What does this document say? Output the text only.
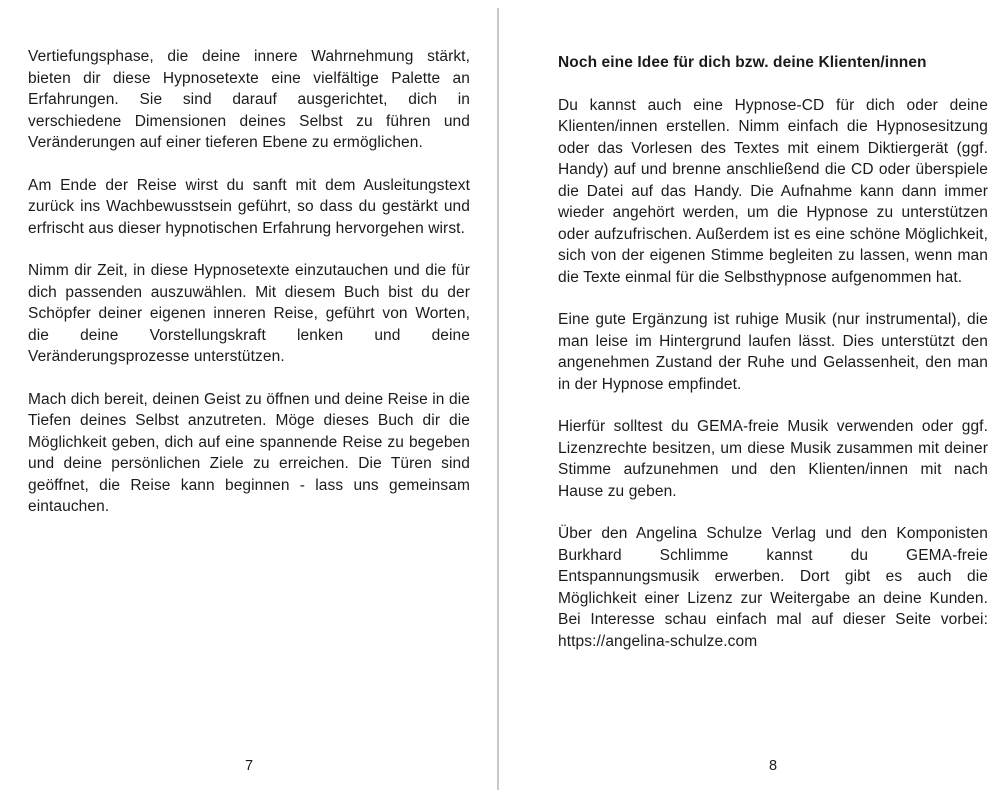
Vertiefungsphase, die deine innere Wahrnehmung stärkt, bieten dir diese Hypnosetexte eine vielfältige Palette an Erfahrungen. Sie sind darauf ausgerichtet, dich in verschiedene Dimensionen deines Selbst zu führen und Veränderungen auf einer tieferen Ebene zu ermöglichen.

Am Ende der Reise wirst du sanft mit dem Ausleitungstext zurück ins Wachbewusstsein geführt, so dass du gestärkt und erfrischt aus dieser hypnotischen Erfahrung hervorgehen wirst.

Nimm dir Zeit, in diese Hypnosetexte einzutauchen und die für dich passenden auszuwählen. Mit diesem Buch bist du der Schöpfer deiner eigenen inneren Reise, geführt von Worten, die deine Vorstellungskraft lenken und deine Veränderungsprozesse unterstützen.

Mach dich bereit, deinen Geist zu öffnen und deine Reise in die Tiefen deines Selbst anzutreten. Möge dieses Buch dir die Möglichkeit geben, dich auf eine spannende Reise zu begeben und deine persönlichen Ziele zu erreichen. Die Türen sind geöffnet, die Reise kann beginnen - lass uns gemeinsam eintauchen.

7
Noch eine Idee für dich bzw. deine Klienten/innen

Du kannst auch eine Hypnose-CD für dich oder deine Klienten/innen erstellen. Nimm einfach die Hypnosesitzung oder das Vorlesen des Textes mit einem Diktiergerät (ggf. Handy) auf und brenne anschließend die CD oder überspiele die Datei auf das Handy. Die Aufnahme kann dann immer wieder angehört werden, um die Hypnose zu unterstützen oder aufzufrischen. Außerdem ist es eine schöne Möglichkeit, sich von der eigenen Stimme begleiten zu lassen, wenn man die Texte einmal für die Selbsthypnose aufgenommen hat.

Eine gute Ergänzung ist ruhige Musik (nur instrumental), die man leise im Hintergrund laufen lässt. Dies unterstützt den angenehmen Zustand der Ruhe und Gelassenheit, den man in der Hypnose empfindet.

Hierfür solltest du GEMA-freie Musik verwenden oder ggf. Lizenzrechte besitzen, um diese Musik zusammen mit deiner Stimme aufzunehmen und den Klienten/innen mit nach Hause zu geben.

Über den Angelina Schulze Verlag und den Komponisten Burkhard Schlimme kannst du GEMA-freie Entspannungsmusik erwerben. Dort gibt es auch die Möglichkeit einer Lizenz zur Weitergabe an deine Kunden. Bei Interesse schau einfach mal auf dieser Seite vorbei: https://angelina-schulze.com

8
